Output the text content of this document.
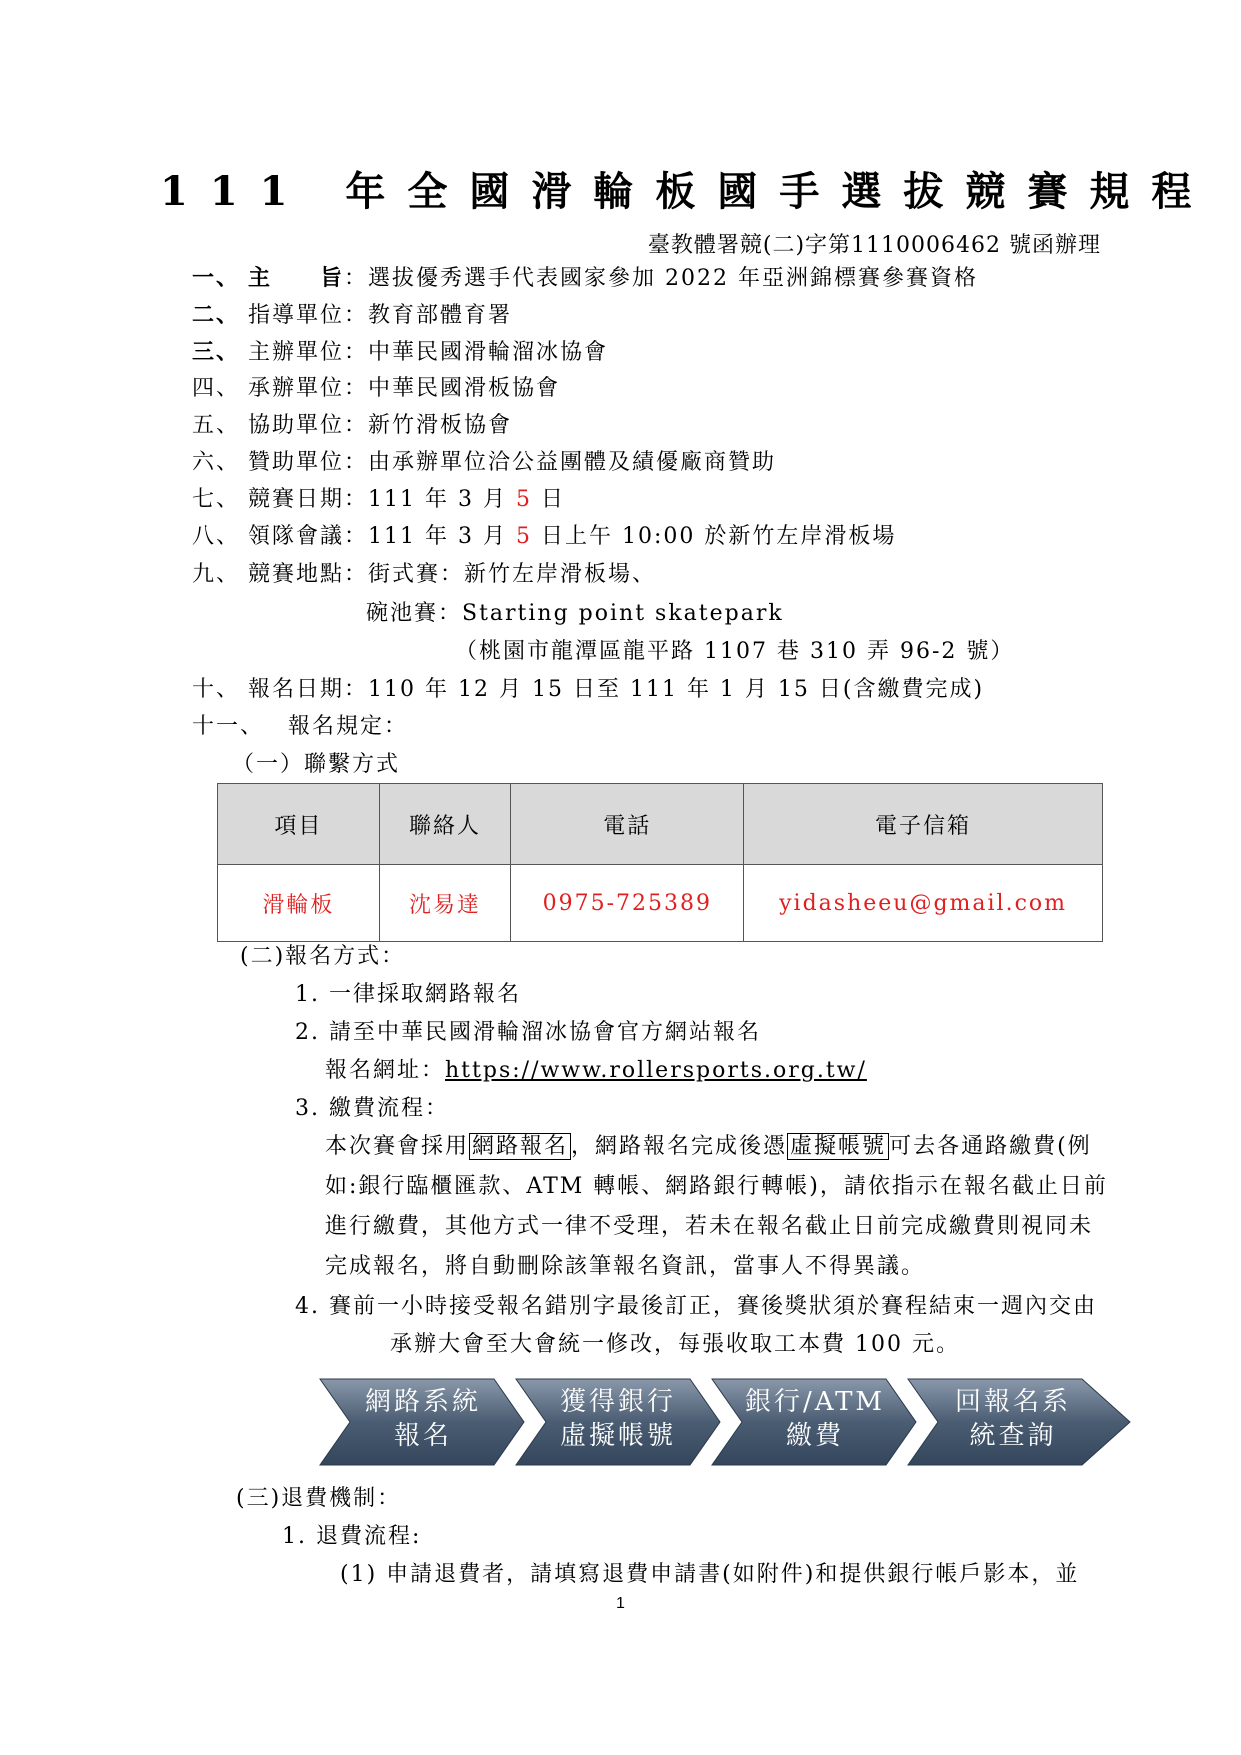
111 年全國滑輪板國手選拔競賽規程
臺教體署競(二)字第1110006462 號函辦理
一、 主　　旨：選拔優秀選手代表國家參加 2022 年亞洲錦標賽參賽資格
二、 指導單位：教育部體育署
三、 主辦單位：中華民國滑輪溜冰協會
四、 承辦單位：中華民國滑板協會
五、 協助單位：新竹滑板協會
六、 贊助單位：由承辦單位洽公益團體及績優廠商贊助
七、 競賽日期：111 年 3 月 5 日
八、 領隊會議：111 年 3 月 5 日上午 10:00 於新竹左岸滑板場
九、 競賽地點：街式賽：新竹左岸滑板場、
碗池賽：Starting point skatepark
（桃園市龍潭區龍平路 1107 巷 310 弄 96-2 號）
十、 報名日期：110 年 12 月 15 日至 111 年 1 月 15 日(含繳費完成)
十一、 報名規定：
（一）聯繫方式
項目	聯絡人	電話	電子信箱
滑輪板	沈易達	0975-725389	yidasheeu@gmail.com
(二)報名方式：
1. 一律採取網路報名
2. 請至中華民國滑輪溜冰協會官方網站報名
報名網址：https://www.rollersports.org.tw/
3. 繳費流程：
本次賽會採用 網路報名 ，網路報名完成後憑 虛擬帳號 可去各通路繳費(例
如:銀行臨櫃匯款、ATM 轉帳、網路銀行轉帳)，請依指示在報名截止日前
進行繳費，其他方式一律不受理，若未在報名截止日前完成繳費則視同未
完成報名，將自動刪除該筆報名資訊，當事人不得異議。
4. 賽前一小時接受報名錯別字最後訂正，賽後獎狀須於賽程結束一週內交由
承辦大會至大會統一修改，每張收取工本費 100 元。
網路系統
報名
獲得銀行
虛擬帳號
銀行/ATM
繳費
回報名系
統查詢
(三)退費機制：
1. 退費流程:
(1) 申請退費者，請填寫退費申請書(如附件)和提供銀行帳戶影本，並
1
